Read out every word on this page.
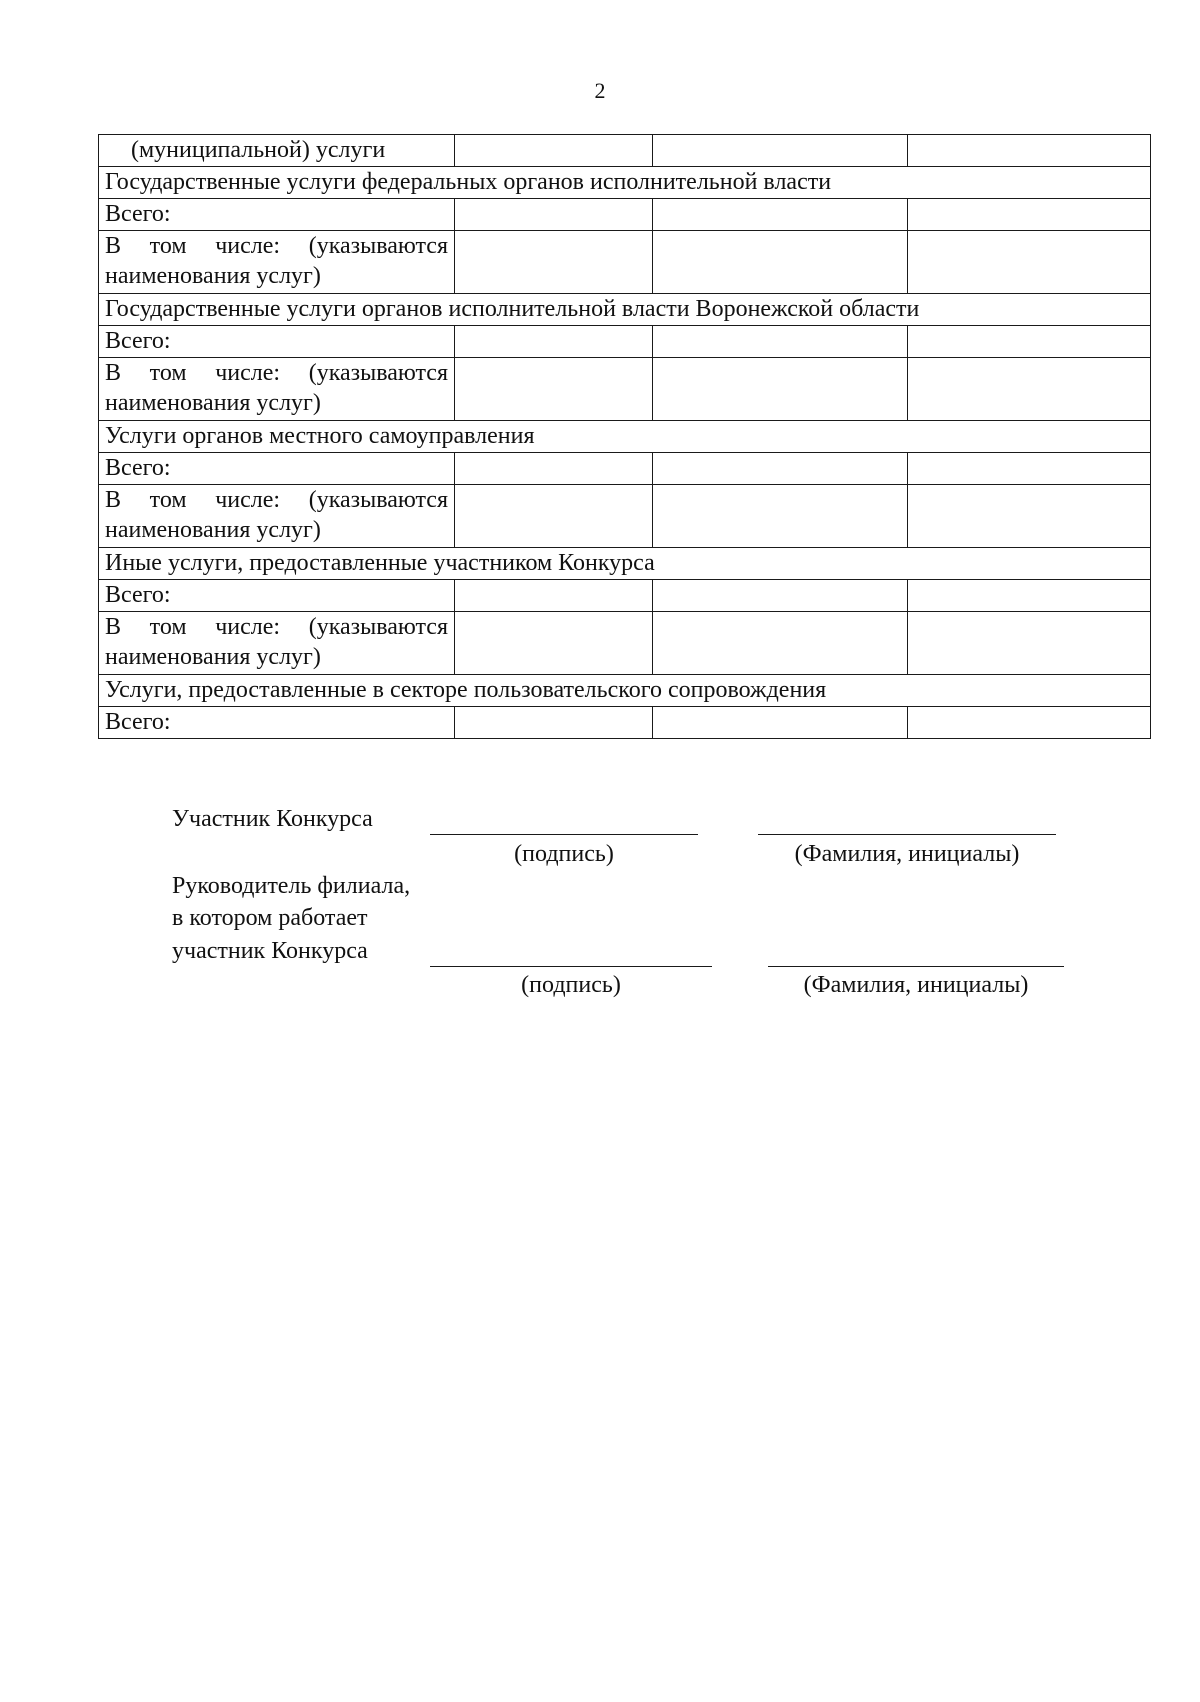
2
(муниципальной) услуги			
Государственные услуги федеральных органов исполнительной власти			
Всего:			
В том числе: (указываются наименования услуг)			
Государственные услуги органов исполнительной власти Воронежской области			
Всего:			
В том числе: (указываются наименования услуг)			
Услуги органов местного самоуправления			
Всего:			
В том числе: (указываются наименования услуг)			
Иные услуги, предоставленные участником Конкурса			
Всего:			
В том числе: (указываются наименования услуг)			
Услуги, предоставленные в секторе пользовательского сопровождения			
Всего:			
Участник Конкурса
(подпись)	(Фамилия, инициалы)
Руководитель филиала,
в котором работает
участник Конкурса
(подпись)	(Фамилия, инициалы)
